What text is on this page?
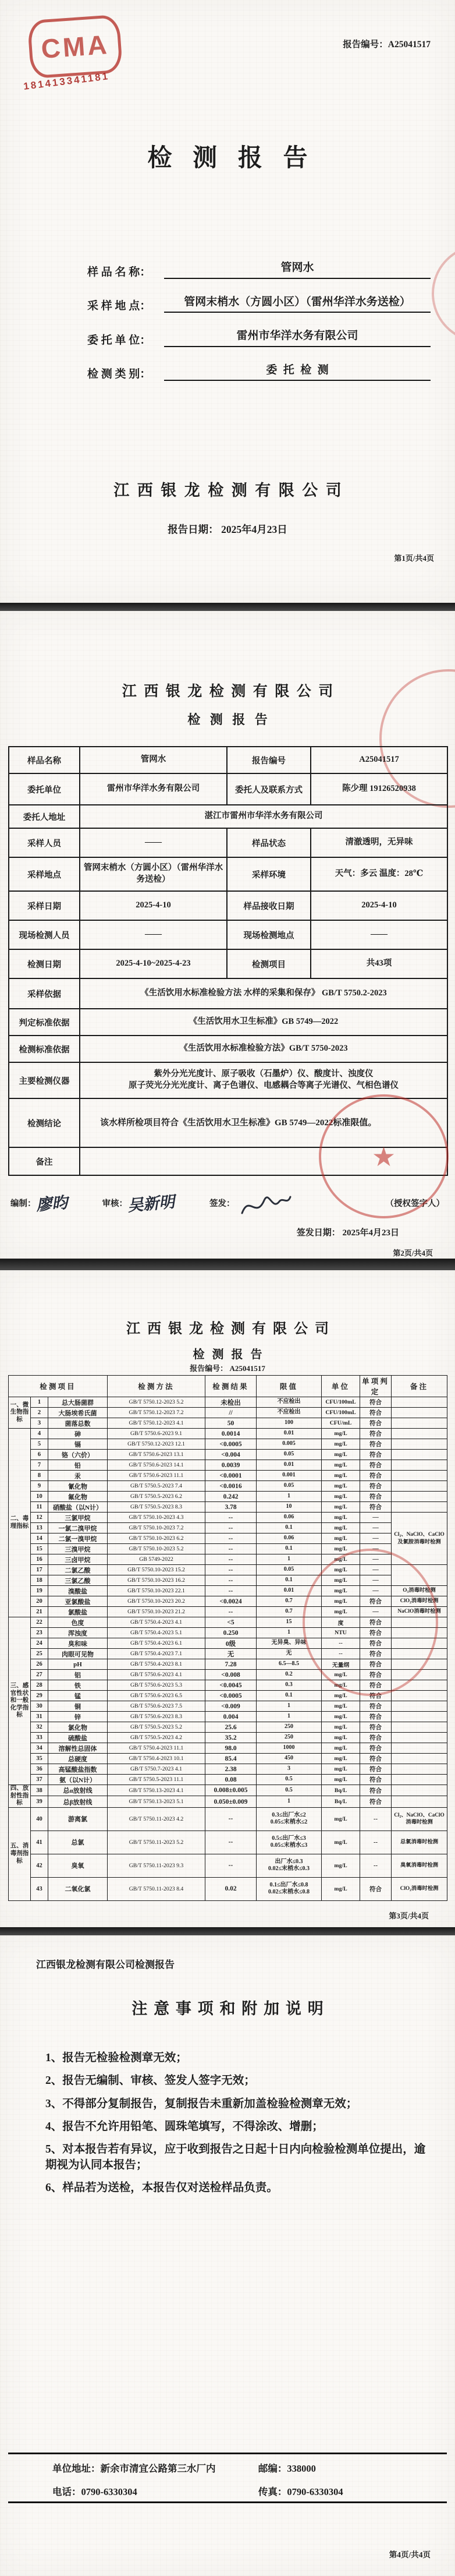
CMA
181413341181
报告编号：A25041517
检测报告
样 品 名 称：	管网水
采 样 地 点：	管网末梢水（方圆小区）（雷州华洋水务送检）
委 托 单 位：	雷州市华洋水务有限公司
检 测 类 别：	委托检测
江西银龙检测有限公司
报告日期： 2025年4月23日
第1页/共4页
江西银龙检测有限公司
检测报告
样品名称	管网水	报告编号	A25041517
委托单位	雷州市华洋水务有限公司	委托人及联系方式	陈少理 19126520938
委托人地址	湛江市雷州市华洋水务有限公司		
采样人员	——	样品状态	清澈透明，无异味
采样地点	管网末梢水（方圆小区）（雷州华洋水务送检）	采样环境	天气：多云 温度：28℃
采样日期	2025-4-10	样品接收日期	2025-4-10
现场检测人员	——	现场检测地点	——
检测日期	2025-4-10~2025-4-23	检测项目	共43项
采样依据	《生活饮用水标准检验方法 水样的采集和保存》 GB/T 5750.2-2023		
判定标准依据	《生活饮用水卫生标准》GB 5749—2022		
检测标准依据	《生活饮用水标准检验方法》GB/T 5750-2023		
主要检测仪器	紫外分光光度计、原子吸收（石墨炉）仪、酸度计、浊度仪
原子荧光分光光度计、离子色谱仪、电感耦合等离子光谱仪、气相色谱仪		
检测结论	该水样所检项目符合《生活饮用水卫生标准》GB 5749—2022标准限值。		
备注			
编制： 廖昀	审核： 吴新明	签发：	（授权签字人）
★
签发日期： 2025年4月23日
第2页/共4页
江西银龙检测有限公司
检测报告
报告编号： A25041517
检测项目			检测方法	检测结果	限值	单位	单项判定	备注
一、微生物指标	1	总大肠菌群	GB/T 5750.12-2023 5.2	未检出	不应检出	CFU/100mL	符合	
	2	大肠埃希氏菌	GB/T 5750.12-2023 7.2	//	不应检出	CFU/100mL	符合	
	3	菌落总数	GB/T 5750.12-2023 4.1	50	100	CFU/mL	符合	
二、毒理指标	4	砷	GB/T 5750.6-2023 9.1	0.0014	0.01	mg/L	符合	
	5	镉	GB/T 5750.12-2023 12.1	<0.0005	0.005	mg/L	符合	
	6	铬（六价）	GB/T 5750.6-2023 13.1	<0.004	0.05	mg/L	符合	
	7	铅	GB/T 5750.6-2023 14.1	0.0039	0.01	mg/L	符合	
	8	汞	GB/T 5750.6-2023 11.1	<0.0001	0.001	mg/L	符合	
	9	氰化物	GB/T 5750.5-2023 7.4	<0.0016	0.05	mg/L	符合	
	10	氟化物	GB/T 5750.5-2023 6.2	0.242	1	mg/L	符合	
	11	硝酸盐（以N计）	GB/T 5750.5-2023 8.3	3.78	10	mg/L	符合	
	12	三氯甲烷	GB/T 5750.10-2023 4.3	--	0.06	mg/L	—	Cl₂、NaClO、CaClO及氯胺消毒时检测
	13	一氯二溴甲烷	GB/T 5750.10-2023 7.2	--	0.1	mg/L	—	
	14	二氯一溴甲烷	GB/T 5750.10-2023 6.2	--	0.06	mg/L	—	
	15	三溴甲烷	GB/T 5750.10-2023 5.2	--	0.1	mg/L	—	
	16	三卤甲烷	GB 5749-2022	--	1	mg/L	—	
	17	二氯乙酸	GB/T 5750.10-2023 15.2	--	0.05	mg/L	—	
	18	三氯乙酸	GB/T 5750.10-2023 16.2	--	0.1	mg/L	—	
	19	溴酸盐	GB/T 5750.10-2023 22.1	--	0.01	mg/L	—	O₃消毒时检测
	20	亚氯酸盐	GB/T 5750.10-2023 20.2	<0.0024	0.7	mg/L	符合	ClO₂消毒时检测
	21	氯酸盐	GB/T 5750.10-2023 21.2	--	0.7	mg/L	—	NaClO消毒时检测
三、感官性状和一般化学指标	22	色度	GB/T 5750.4-2023 4.1	<5	15	度	符合	
	23	浑浊度	GB/T 5750.4-2023 5.1	0.250	1	NTU	符合	
	24	臭和味	GB/T 5750.4-2023 6.1	0级	无异臭、异味	--	符合	
	25	肉眼可见物	GB/T 5750.4-2023 7.1	无	无	--	符合	
	26	pH	GB/T 5750.4-2023 8.1	7.28	6.5—8.5	无量纲	符合	
	27	铝	GB/T 5750.6-2023 4.1	<0.008	0.2	mg/L	符合	
	28	铁	GB/T 5750.6-2023 5.3	<0.0045	0.3	mg/L	符合	
	29	锰	GB/T 5750.6-2023 6.5	<0.0005	0.1	mg/L	符合	
	30	铜	GB/T 5750.6-2023 7.5	<0.009	1	mg/L	符合	
	31	锌	GB/T 5750.6-2023 8.3	0.004	1	mg/L	符合	
	32	氯化物	GB/T 5750.5-2023 5.2	25.6	250	mg/L	符合	
	33	硫酸盐	GB/T 5750.5-2023 4.2	35.2	250	mg/L	符合	
	34	溶解性总固体	GB/T 5750.4-2023 11.1	98.0	1000	mg/L	符合	
	35	总硬度	GB/T 5750.4-2023 10.1	85.4	450	mg/L	符合	
	36	高锰酸盐指数	GB/T 5750.7-2023 4.1	2.38	3	mg/L	符合	
	37	氨（以N计）	GB/T 5750.5-2023 11.1	0.08	0.5	mg/L	符合	
四、放射性指标	38	总α放射线	GB/T 5750.13-2023 4.1	0.008±0.005	0.5	Bq/L	符合	
	39	总β放射线	GB/T 5750.13-2023 5.1	0.050±0.009	1	Bq/L	符合	
五、消毒剂指标	40	游离氯	GB/T 5750.11-2023 4.2	--	0.3≤出厂水≤2
0.05≤末梢水≤2	mg/L	--	Cl₂、NaClO、CaClO消毒时检测
	41	总氯	GB/T 5750.11-2023 5.2	--	0.5≤出厂水≤3
0.05≤末梢水≤3	mg/L	--	总氯消毒时检测
	42	臭氧	GB/T 5750.11-2023 9.3	--	出厂水≤0.3
0.02≤末梢水≤0.3	mg/L	--	臭氧消毒时检测
	43	二氧化氯	GB/T 5750.11-2023 8.4	0.02	0.1≤出厂水≤0.8
0.02≤末梢水≤0.8	mg/L	符合	ClO₂消毒时检测
第3页/共4页
江西银龙检测有限公司检测报告
注意事项和附加说明
1、报告无检验检测章无效；
2、报告无编制、审核、签发人签字无效；
3、不得部分复制报告，复制报告未重新加盖检验检测章无效；
4、报告不允许用铅笔、圆珠笔填写，不得涂改、增删；
5、对本报告若有异议，应于收到报告之日起十日内向检验检测单位提出，逾期视为认同本报告；
6、样品若为送检，本报告仅对送检样品负责。
单位地址：新余市清宜公路第三水厂内	邮编：338000
电话：0790-6330304	传真：0790-6330304
第4页/共4页
